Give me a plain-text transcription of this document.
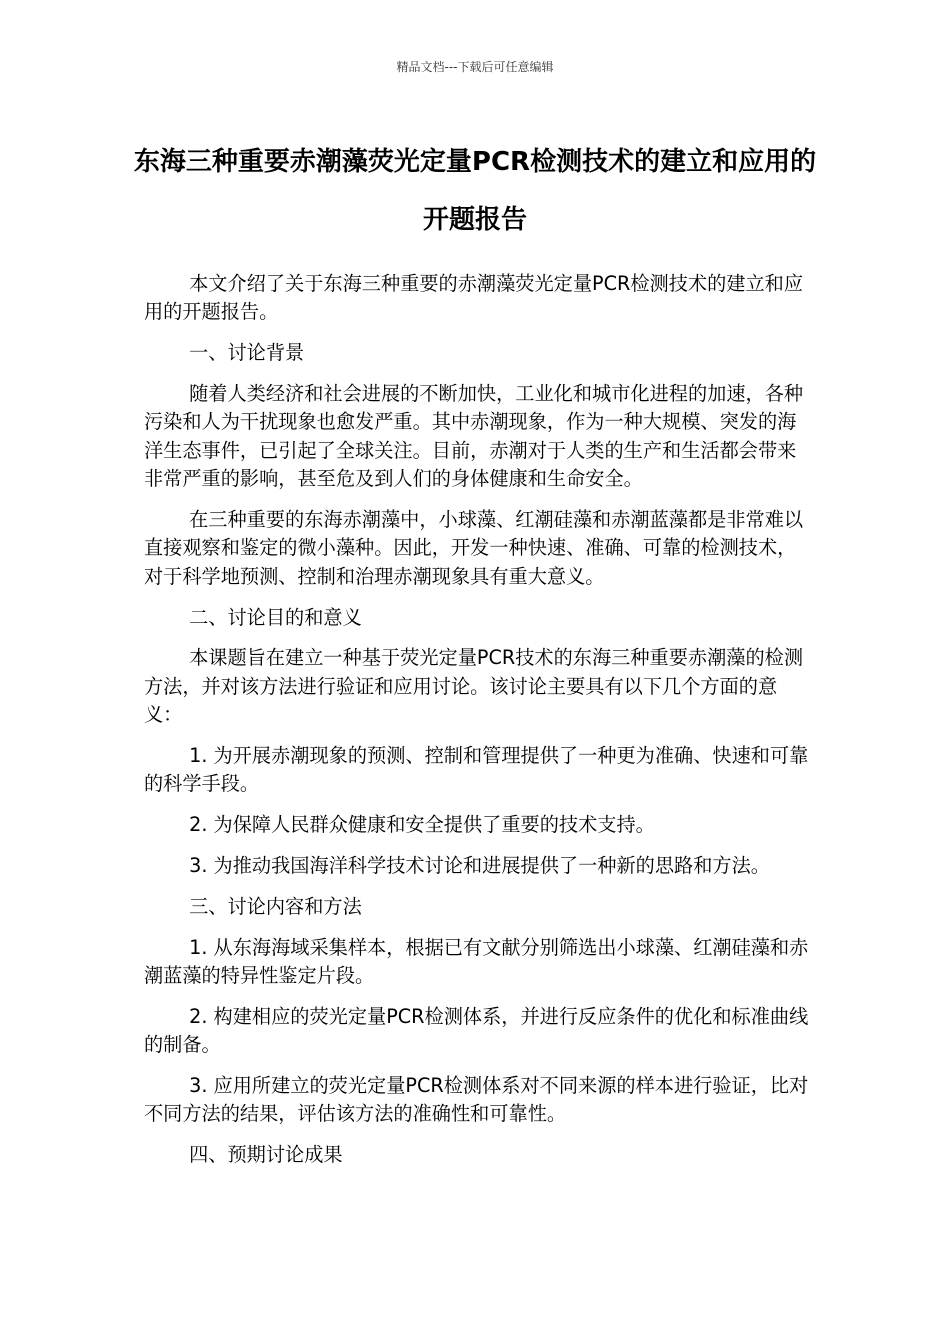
精品文档---下载后可任意编辑
东海三种重要赤潮藻荧光定量PCR检测技术的建立和应用的开题报告

本文介绍了关于东海三种重要的赤潮藻荧光定量PCR检测技术的建立和应用的开题报告。

一、讨论背景

随着人类经济和社会进展的不断加快，工业化和城市化进程的加速，各种污染和人为干扰现象也愈发严重。其中赤潮现象，作为一种大规模、突发的海洋生态事件，已引起了全球关注。目前，赤潮对于人类的生产和生活都会带来非常严重的影响，甚至危及到人们的身体健康和生命安全。

在三种重要的东海赤潮藻中，小球藻、红潮硅藻和赤潮蓝藻都是非常难以直接观察和鉴定的微小藻种。因此，开发一种快速、准确、可靠的检测技术，对于科学地预测、控制和治理赤潮现象具有重大意义。

二、讨论目的和意义

本课题旨在建立一种基于荧光定量PCR技术的东海三种重要赤潮藻的检测方法，并对该方法进行验证和应用讨论。该讨论主要具有以下几个方面的意义：

1. 为开展赤潮现象的预测、控制和管理提供了一种更为准确、快速和可靠的科学手段。

2. 为保障人民群众健康和安全提供了重要的技术支持。

3. 为推动我国海洋科学技术讨论和进展提供了一种新的思路和方法。

三、讨论内容和方法

1. 从东海海域采集样本，根据已有文献分别筛选出小球藻、红潮硅藻和赤潮蓝藻的特异性鉴定片段。

2. 构建相应的荧光定量PCR检测体系，并进行反应条件的优化和标准曲线的制备。

3. 应用所建立的荧光定量PCR检测体系对不同来源的样本进行验证，比对不同方法的结果，评估该方法的准确性和可靠性。

四、预期讨论成果
